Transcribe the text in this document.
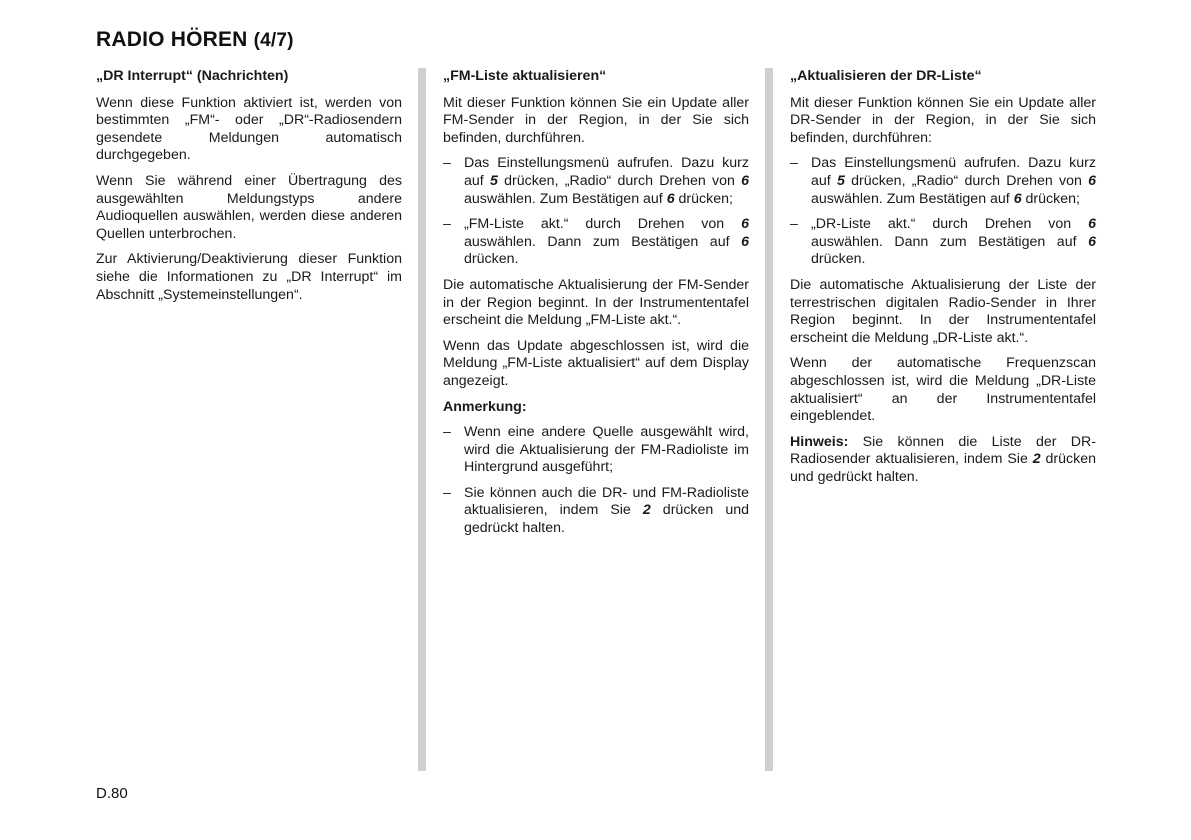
RADIO HÖREN (4/7)
„DR Interrupt“ (Nachrichten)

Wenn diese Funktion aktiviert ist, werden von bestimmten „FM“- oder „DR“-Radiosendern gesendete Meldungen automatisch durchgegeben.

Wenn Sie während einer Übertragung des ausgewählten Meldungstyps andere Audioquellen auswählen, werden diese anderen Quellen unterbrochen.

Zur Aktivierung/Deaktivierung dieser Funktion siehe die Informationen zu „DR Interrupt“ im Abschnitt „Systemeinstellungen“.

„FM-Liste aktualisieren“

Mit dieser Funktion können Sie ein Update aller FM-Sender in der Region, in der Sie sich befinden, durchführen.

– Das Einstellungsmenü aufrufen. Dazu kurz auf 5 drücken, „Radio“ durch Drehen von 6 auswählen. Zum Bestätigen auf 6 drücken;
– „FM-Liste akt.“ durch Drehen von 6 auswählen. Dann zum Bestätigen auf 6 drücken.

Die automatische Aktualisierung der FM-Sender in der Region beginnt. In der Instrumententafel erscheint die Meldung „FM-Liste akt.“.

Wenn das Update abgeschlossen ist, wird die Meldung „FM-Liste aktualisiert“ auf dem Display angezeigt.

Anmerkung:

– Wenn eine andere Quelle ausgewählt wird, wird die Aktualisierung der FM-Radioliste im Hintergrund ausgeführt;
– Sie können auch die DR- und FM-Radioliste aktualisieren, indem Sie 2 drücken und gedrückt halten.
„Aktualisieren der DR-Liste“

Mit dieser Funktion können Sie ein Update aller DR-Sender in der Region, in der Sie sich befinden, durchführen:

– Das Einstellungsmenü aufrufen. Dazu kurz auf 5 drücken, „Radio“ durch Drehen von 6 auswählen. Zum Bestätigen auf 6 drücken;
– „DR-Liste akt.“ durch Drehen von 6 auswählen. Dann zum Bestätigen auf 6 drücken.

Die automatische Aktualisierung der Liste der terrestrischen digitalen Radio-Sender in Ihrer Region beginnt. In der Instrumententafel erscheint die Meldung „DR-Liste akt.“.

Wenn der automatische Frequenzscan abgeschlossen ist, wird die Meldung „DR-Liste aktualisiert“ an der Instrumententafel eingeblendet.

Hinweis: Sie können die Liste der DR-Radiosender aktualisieren, indem Sie 2 drücken und gedrückt halten.

D.80
